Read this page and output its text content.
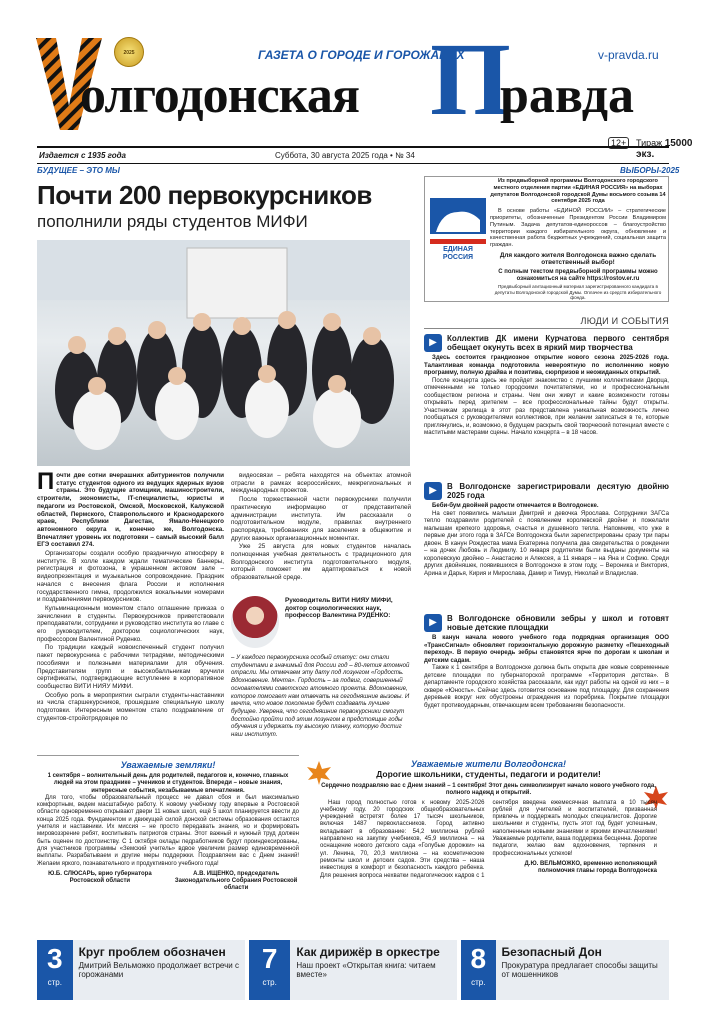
2025	ГАЗЕТА О ГОРОДЕ И ГОРОЖАНАХ	v-pravda.ru
олгодонская П
равда
12+	Тираж 15000 экз.
Издается с 1935 года	Суббота, 30 августа 2025 года • № 34
БУДУЩЕЕ – ЭТО МЫ	ВЫБОРЫ-2025
Почти 200 первокурсников
пополнили ряды студентов МИФИ

Почти две сотни вчерашних абитуриентов получили статус студентов одного из ведущих ядерных вузов страны. Это будущие атомщики, машиностроители, строители, экономисты, IT-специалисты, юристы и педагоги из Ростовской, Омской, Московской, Калужской областей, Пермского, Ставропольского и Краснодарского краев, Республики Дагестан, Ямало-Ненецкого автономного округа и, конечно же, Волгодонска. Впечатляет уровень их подготовки – самый высокий балл ЕГЭ составил 274.

Организаторы создали особую праздничную атмосферу в институте. В холле каждом ждали тематические баннеры, регистрация и фотозона, в украшенном актовом зале – видеопрезентация и музыкальное сопровождение. Праздник начался с внесения флага России и исполнения государственного гимна, продолжился вокальными номерами и поздравлениями первокурсников.

Кульминационным моментом стало оглашение приказа о зачислении в студенты. Первокурсников приветствовали преподаватели, сотрудники и руководство института во главе с его руководителем, доктором социологических наук, профессором Валентиной Руденко.

По традиции каждый новоиспеченный студент получил пакет первокурсника с рабочими тетрадями, методическими пособиями и полезными материалами для обучения. Представителям групп и высокобалльникам вручили сертификаты, подтверждающие вступление в корпоративное сообщество ВИТИ НИЯУ МИФИ.

Особую роль в мероприятии сыграли студенты-наставники из числа старшекурсников, прошедшие специальную школу подготовки. Интересным моментом стало поздравление от студентов-стройотрядовцев по

видеосвязи – ребята находятся на объектах атомной отрасли в рамках всероссийских, межрегиональных и международных проектов.

После торжественной части первокурсники получили практическую информацию от представителей администрации института. Им рассказали о подготовительном модуле, правилах внутреннего распорядка, требованиях для заселения в общежитие и других важных организационных моментах.

Уже 25 августа для новых студентов началась полноценная учебная деятельность с традиционного для Волгодонского института подготовительного модуля, который поможет им адаптироваться к новой образовательной среде.

Руководитель ВИТИ НИЯУ МИФИ, доктор социологических наук, профессор Валентина РУДЕНКО:
– У каждого первокурсника особый статус: они стали студентами в значимый для России год – 80-летия атомной отрасли. Мы отмечаем эту дату под лозунгом «Гордость. Вдохновение. Мечта». Гордость – за подвиг, совершенный основателями советского атомного проекта. Вдохновение, которое помогает нам отвечать на сегодняшние вызовы. И мечта, что новое поколение будет создавать лучшее будущее. Уверена, что сегодняшние первокурсники смогут достойно пройти под этим лозунгом в предстоящие годы обучения и удержать ту высокую планку, которую достиг наш институт.
ЕДИНАЯ РОССИЯ
Из предвыборной программы Волгодонского городского местного отделения партии «ЕДИНАЯ РОССИЯ» на выборах депутатов Волгодонской городской Думы восьмого созыва 14 сентября 2025 года
В основе работы «ЕДИНОЙ РОССИИ» – стратегические приоритеты, обозначенные Президентом России Владимиром Путиным. Задача депутатов-единороссов – благоустройство территории каждого избирательного округа, обновление и качественная работа бюджетных учреждений, социальная защита граждан.
Для каждого жителя Волгодонска важно сделать ответственный выбор!
С полным текстом предвыборной программы можно ознакомиться на сайте https://rostov.er.ru
Предвыборный агитационный материал зарегистрированного кандидата в депутаты Волгодонской городской Думы. Оплачен из средств избирательного фонда.
ЛЮДИ И СОБЫТИЯ
▶	Коллектив ДК имени Курчатова первого сентября обещает окунуть всех в яркий мир творчества

Здесь состоится грандиозное открытие нового сезона 2025-2026 года. Талантливая команда подготовила невероятную по исполнению новую программу, полную драйва и позитива, сюрпризов и неожиданных открытий.

После концерта здесь же пройдет знакомство с лучшими коллективами Дворца, отмеченными не только городскими почитателями, но и профессиональным сообществом региона и страны. Чем они живут и какие возможности готовы открывать перед зрителем – все профессиональные тайны будут открыты. Участникам зрелища в этот раз представлена уникальная возможность лично пообщаться с руководителями коллективов, при желании записаться в те, которые приглянулись, и, возможно, в будущем раскрыть свой творческий потенциал вместе с маститыми мастерами сцены. Начало концерта – в 18 часов.

▶	В Волгодонске зарегистрировали десятую двойню 2025 года

Беби-бум двойней радости отмечается в Волгодонске.

На свет появились малыши Дмитрий и девочка Ярослава. Сотрудники ЗАГСа тепло поздравили родителей с появлением королевской двойни и пожелали малышам крепкого здоровья, счастья и душевного тепла. Напомним, что уже в первые дни этого года в ЗАГСе Волгодонска были зарегистрированы сразу три пары двоен. В канун Рождества мама Екатерина получила два свидетельства о рождении – на дочек Любовь и Людмилу. 10 января родителям были выданы документы на королевскую двойню – Анастасию и Алексея, а 11 января – на Яна и Софию. Среди других двойняшек, появившихся в Волгодонске в этом году, – Вероника и Виктория, Арина и Дарья, Кирия и Мирослава, Дамир и Тимур, Николай и Владислав.

▶	В Волгодонске обновили зебры у школ и готовят новые детские площадки

В канун начала нового учебного года подрядная организация ООО «ТрансСигнал» обновляет горизонтальную дорожную разметку «Пешеходный переход». В первую очередь зебры становятся ярче по дорогам к школам и детским садам.

Также к 1 сентября в Волгодонске должна быть открыта две новые современные детские площадки по губернаторской программе «Территория детства». В департаменте городского хозяйства рассказали, как идут работы на одной из них – в сквере «Юность». Сейчас здесь готовится основание под площадку. Для сохранения деревьев вокруг них обустроены ограждения из поребрика. Покрытие площадки будет противоударным, отвечающим всем требованиям безопасности.

Уважаемые земляки!

1 сентября – волнительный день для родителей, педагогов и, конечно, главных людей на этом празднике – учеников и студентов. Впереди – новые знания, интересные события, незабываемые впечатления.

Для того, чтобы образовательный процесс не давал сбоя и был максимально комфортным, ведем масштабную работу. К новому учебному году впервые в Ростовской области одновременно открывают двери 11 новых школ, ещё 5 школ планируется ввести до конца 2025 года. Фундаментом и движущей силой донской системы образования остаются учителя и наставники. Их миссия – не просто передавать знания, но и формировать мировоззрение ребят, воспитывать патриотов страны. Этот важный и нужный труд должен быть оценен по достоинству. С 1 октября оклады педработников будут проиндексированы, для участников программы «Земский учитель» вдвое увеличим размер единовременной выплаты. Разрабатываем и другие меры поддержки. Поздравляем вас с Днем знаний! Желаем яркого, познавательного и продуктивного учебного года!

Ю.Б. СЛЮСАРЬ, врио губернатора Ростовской области
А.В. ИЩЕНКО, председатель Законодательного Собрания Ростовской области
Уважаемые жители Волгодонска!
Дорогие школьники, студенты, педагоги и родители!

Сердечно поздравляю вас с Днем знаний – 1 сентября! Этот день символизирует начало нового учебного года, полного надежд и открытий.

Наш город полностью готов к новому 2025-2026 учебному году. 20 городских общеобразовательных учреждений встретят более 17 тысяч школьников, включая 1487 первоклассников. Город активно вкладывает в образование: 54,2 миллиона рублей направлено на закупку учебников, 45,9 миллиона – на оснащение нового детского сада «Голубые дорожки» на ул. Ленина, 70, 20,3 миллиона – на косметические ремонты школ и детских садов. Эти средства – наша инвестиция в комфорт и безопасность каждого ребенка. Для решения вопроса нехватки педагогических кадров с 1 сентября введена ежемесячная выплата в 10 тысяч рублей для учителей и воспитателей, призванная привлечь и поддержать молодых специалистов. Дорогие школьники и студенты, пусть этот год будет успешным, наполненным новыми знаниями и яркими впечатлениями! Уважаемые родители, ваша поддержка бесценна. Дорогие педагоги, желаю вам вдохновения, терпения и профессиональных успехов!

Д.Ю. ВЕЛЬМОЖКО, временно исполняющий полномочия главы города Волгодонска

3
стр.
Круг проблем обозначен
Дмитрий Вельможко продолжает встречи с горожанами
7
стр.
Как дирижёр в оркестре
Наш проект «Открытая книга: читаем вместе»
8
стр.
Безопасный Дон
Прокуратура предлагает способы защиты от мошенников
